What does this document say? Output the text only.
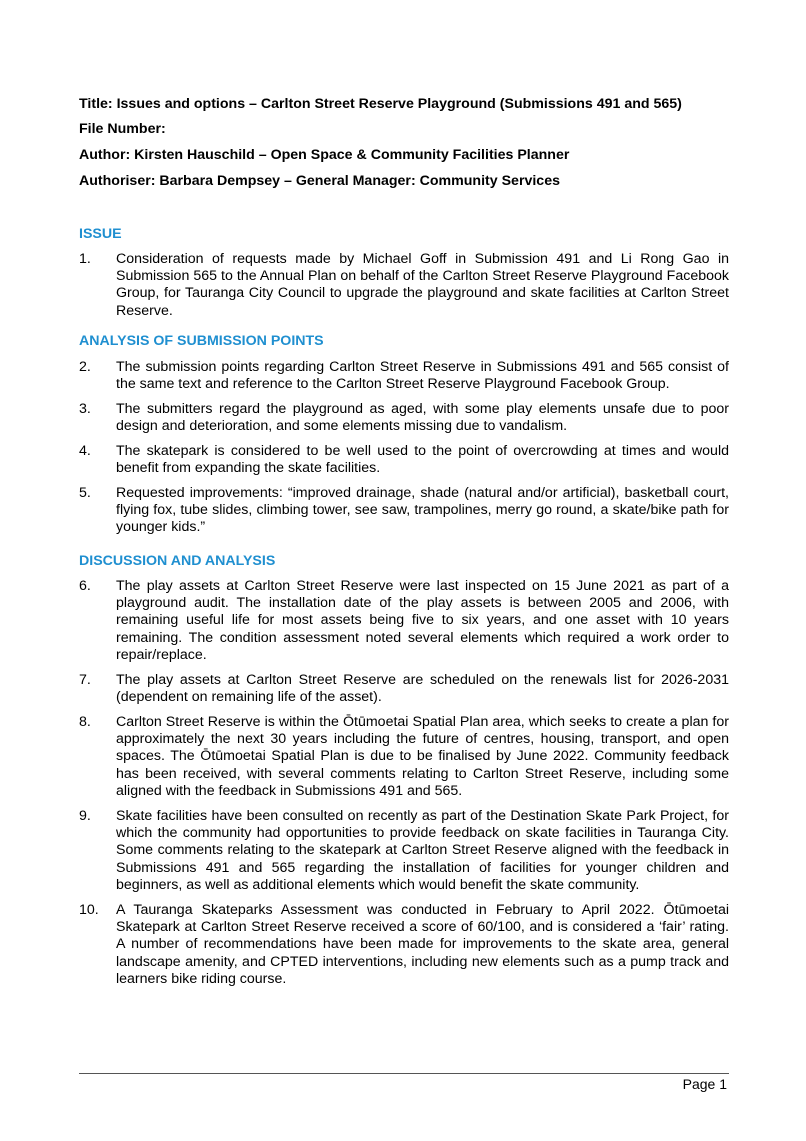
Title: Issues and options – Carlton Street Reserve Playground (Submissions 491 and 565)
File Number:
Author: Kirsten Hauschild – Open Space & Community Facilities Planner
Authoriser: Barbara Dempsey – General Manager: Community Services
ISSUE
1.	Consideration of requests made by Michael Goff in Submission 491 and Li Rong Gao in Submission 565 to the Annual Plan on behalf of the Carlton Street Reserve Playground Facebook Group, for Tauranga City Council to upgrade the playground and skate facilities at Carlton Street Reserve.
ANALYSIS OF SUBMISSION POINTS
2.	The submission points regarding Carlton Street Reserve in Submissions 491 and 565 consist of the same text and reference to the Carlton Street Reserve Playground Facebook Group.
3.	The submitters regard the playground as aged, with some play elements unsafe due to poor design and deterioration, and some elements missing due to vandalism.
4.	The skatepark is considered to be well used to the point of overcrowding at times and would benefit from expanding the skate facilities.
5.	Requested improvements: “improved drainage, shade (natural and/or artificial), basketball court, flying fox, tube slides, climbing tower, see saw, trampolines, merry go round, a skate/bike path for younger kids.”
DISCUSSION AND ANALYSIS
6.	The play assets at Carlton Street Reserve were last inspected on 15 June 2021 as part of a playground audit. The installation date of the play assets is between 2005 and 2006, with remaining useful life for most assets being five to six years, and one asset with 10 years remaining. The condition assessment noted several elements which required a work order to repair/replace.
7.	The play assets at Carlton Street Reserve are scheduled on the renewals list for 2026-2031 (dependent on remaining life of the asset).
8.	Carlton Street Reserve is within the Ōtūmoetai Spatial Plan area, which seeks to create a plan for approximately the next 30 years including the future of centres, housing, transport, and open spaces. The Ōtūmoetai Spatial Plan is due to be finalised by June 2022. Community feedback has been received, with several comments relating to Carlton Street Reserve, including some aligned with the feedback in Submissions 491 and 565.
9.	Skate facilities have been consulted on recently as part of the Destination Skate Park Project, for which the community had opportunities to provide feedback on skate facilities in Tauranga City. Some comments relating to the skatepark at Carlton Street Reserve aligned with the feedback in Submissions 491 and 565 regarding the installation of facilities for younger children and beginners, as well as additional elements which would benefit the skate community.
10.	A Tauranga Skateparks Assessment was conducted in February to April 2022. Ōtūmoetai Skatepark at Carlton Street Reserve received a score of 60/100, and is considered a ‘fair’ rating. A number of recommendations have been made for improvements to the skate area, general landscape amenity, and CPTED interventions, including new elements such as a pump track and learners bike riding course.
Page 1
